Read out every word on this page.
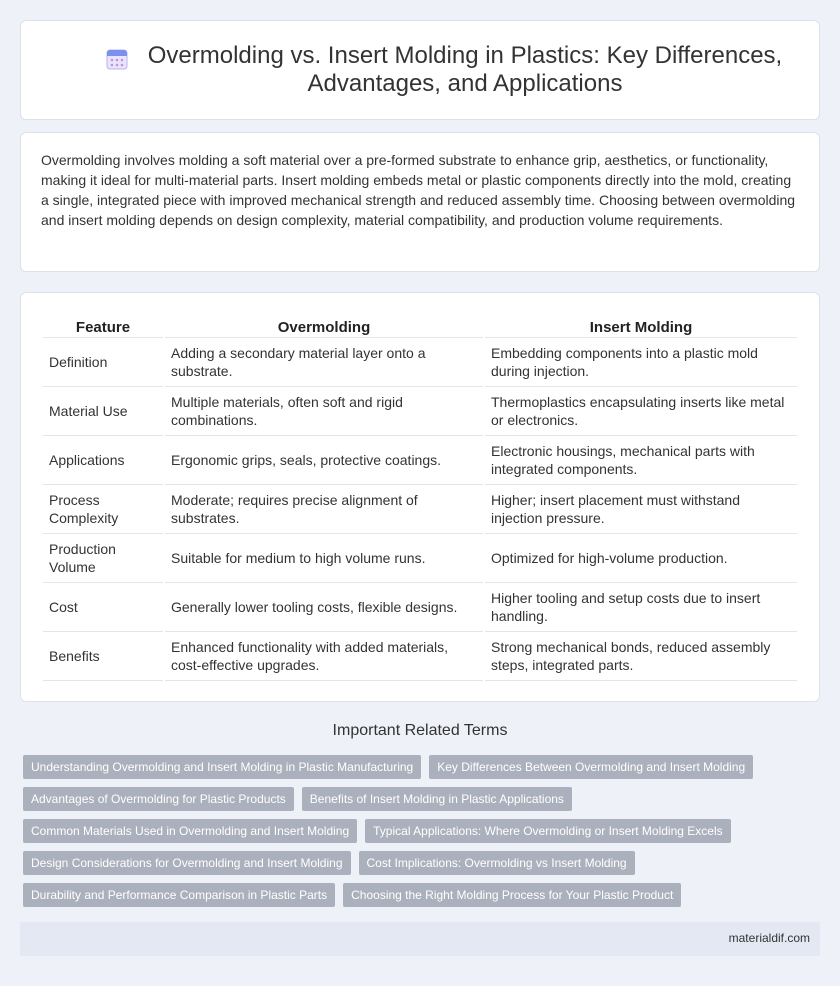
Overmolding vs. Insert Molding in Plastics: Key Differences, Advantages, and Applications

Overmolding involves molding a soft material over a pre-formed substrate to enhance grip, aesthetics, or functionality, making it ideal for multi-material parts. Insert molding embeds metal or plastic components directly into the mold, creating a single, integrated piece with improved mechanical strength and reduced assembly time. Choosing between overmolding and insert molding depends on design complexity, material compatibility, and production volume requirements.

Feature	Overmolding	Insert Molding
Definition	Adding a secondary material layer onto a substrate.	Embedding components into a plastic mold during injection.
Material Use	Multiple materials, often soft and rigid combinations.	Thermoplastics encapsulating inserts like metal or electronics.
Applications	Ergonomic grips, seals, protective coatings.	Electronic housings, mechanical parts with integrated components.
Process Complexity	Moderate; requires precise alignment of substrates.	Higher; insert placement must withstand injection pressure.
Production Volume	Suitable for medium to high volume runs.	Optimized for high-volume production.
Cost	Generally lower tooling costs, flexible designs.	Higher tooling and setup costs due to insert handling.
Benefits	Enhanced functionality with added materials, cost-effective upgrades.	Strong mechanical bonds, reduced assembly steps, integrated parts.
Important Related Terms
Understanding Overmolding and Insert Molding in Plastic Manufacturing	Key Differences Between Overmolding and Insert Molding
Advantages of Overmolding for Plastic Products	Benefits of Insert Molding in Plastic Applications
Common Materials Used in Overmolding and Insert Molding	Typical Applications: Where Overmolding or Insert Molding Excels
Design Considerations for Overmolding and Insert Molding	Cost Implications: Overmolding vs Insert Molding
Durability and Performance Comparison in Plastic Parts	Choosing the Right Molding Process for Your Plastic Product
materialdif.com
